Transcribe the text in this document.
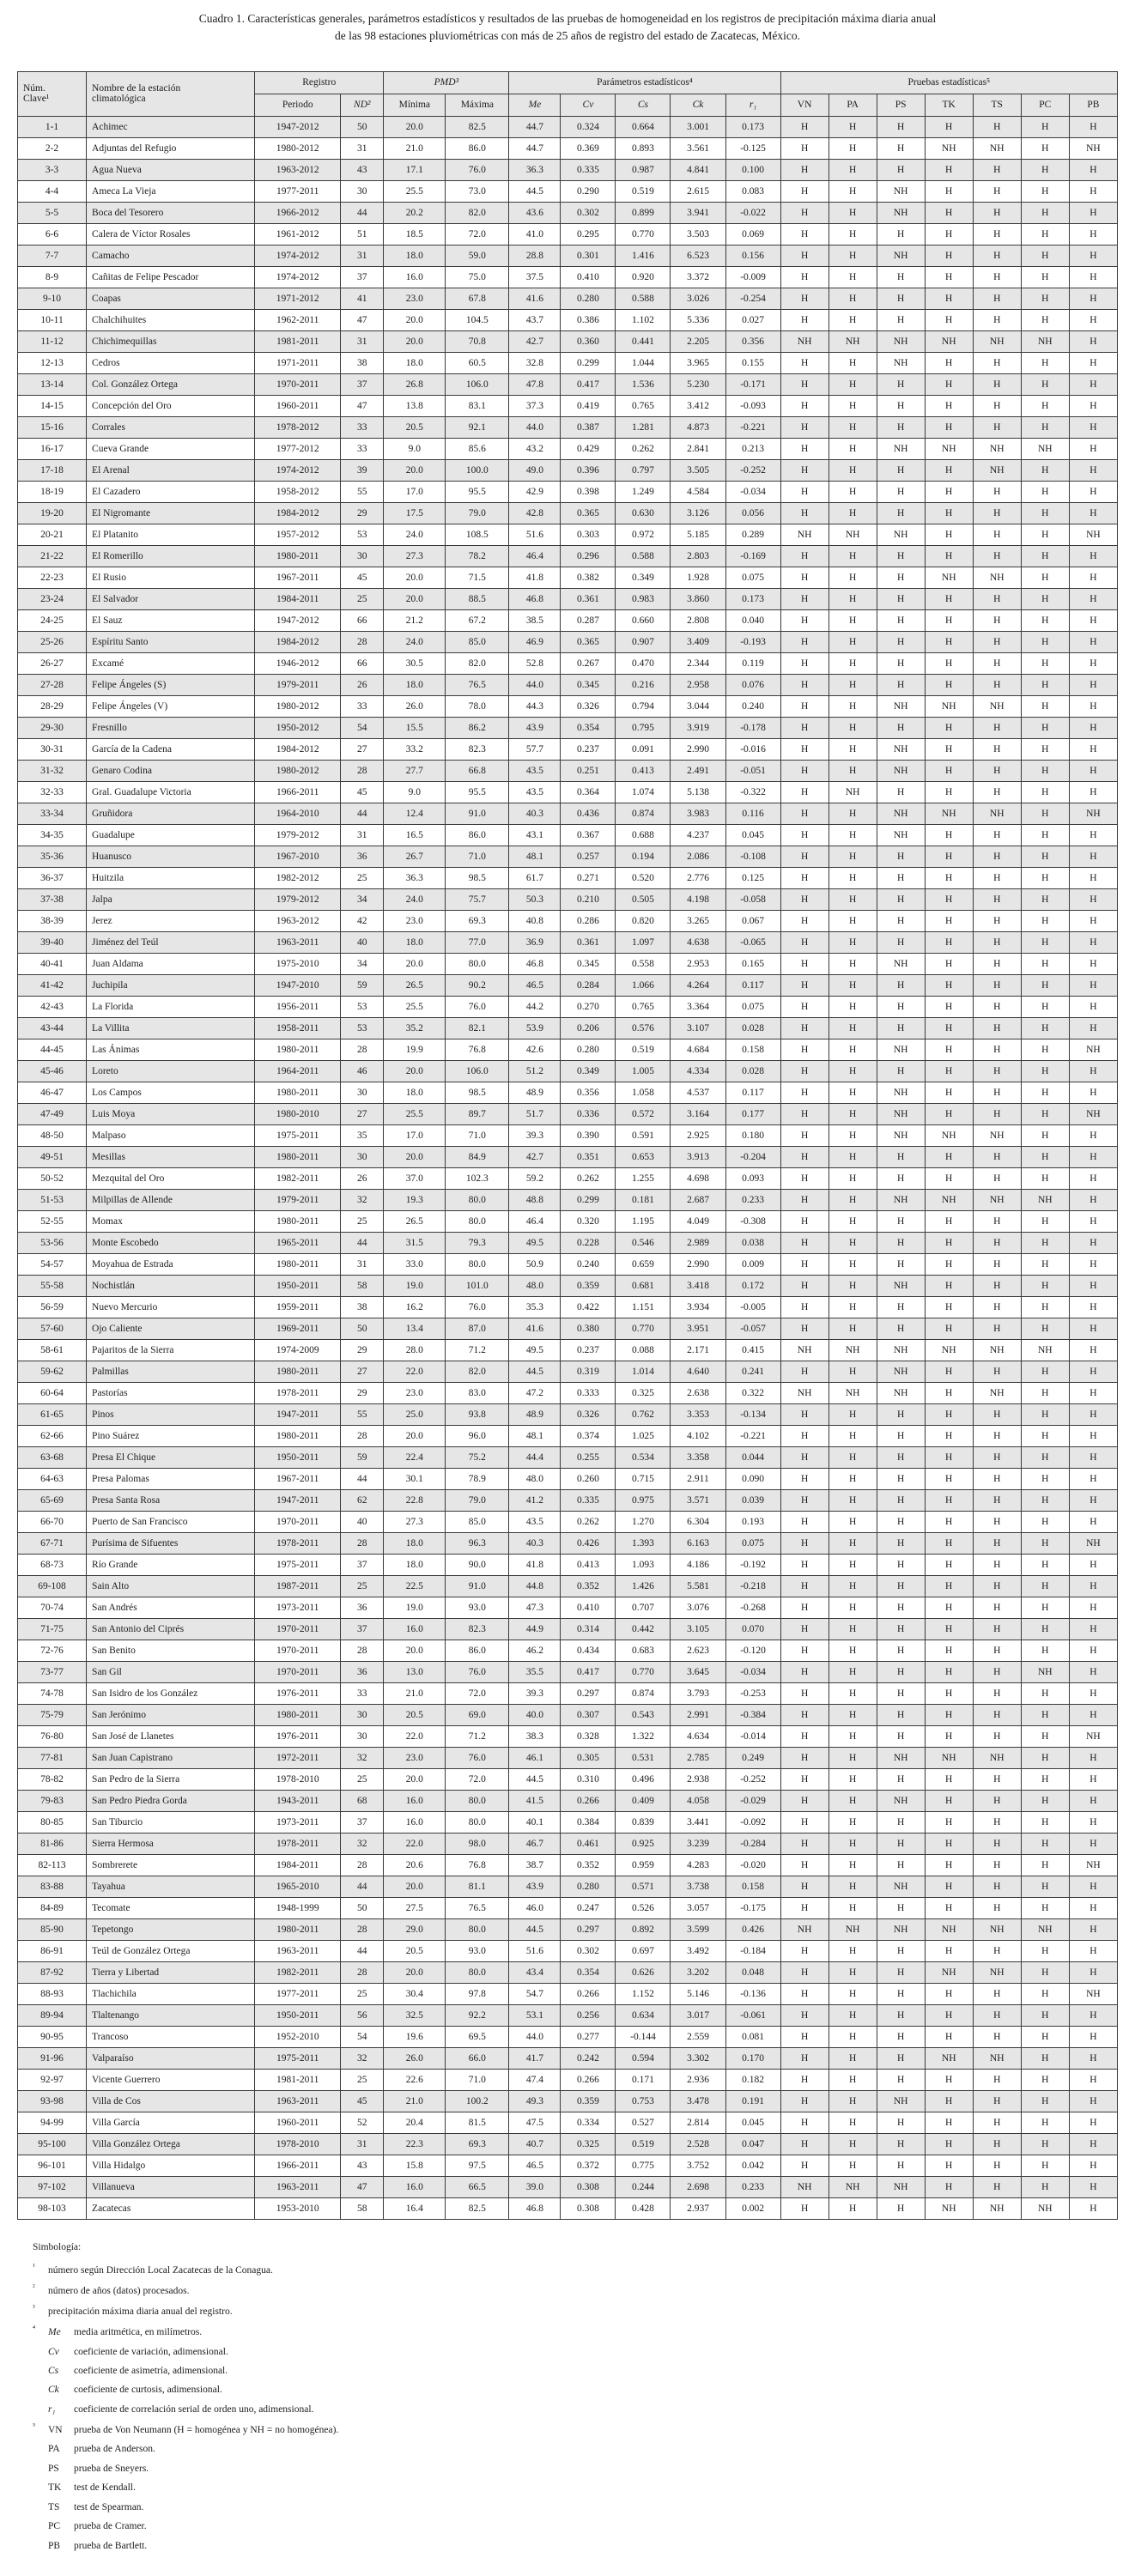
Cuadro 1. Características generales, parámetros estadísticos y resultados de las pruebas de homogeneidad en los registros de precipitación máxima diaria anual
de las 98 estaciones pluviométricas con más de 25 años de registro del estado de Zacatecas, México.
Núm.
Clave¹	Nombre de la estación
climatológica	Registro		PMD³		Parámetros estadísticos⁴					Pruebas estadísticas⁵						
		Periodo	ND²	Mínima	Máxima	Me	Cv	Cs	Ck	r₁	VN	PA	PS	TK	TS	PC	PB
1-1	Achimec	1947-2012	50	20.0	82.5	44.7	0.324	0.664	3.001	0.173	H	H	H	H	H	H	H
2-2	Adjuntas del Refugio	1980-2012	31	21.0	86.0	44.7	0.369	0.893	3.561	-0.125	H	H	H	NH	NH	H	NH
3-3	Agua Nueva	1963-2012	43	17.1	76.0	36.3	0.335	0.987	4.841	0.100	H	H	H	H	H	H	H
4-4	Ameca La Vieja	1977-2011	30	25.5	73.0	44.5	0.290	0.519	2.615	0.083	H	H	NH	H	H	H	H
5-5	Boca del Tesorero	1966-2012	44	20.2	82.0	43.6	0.302	0.899	3.941	-0.022	H	H	NH	H	H	H	H
6-6	Calera de Víctor Rosales	1961-2012	51	18.5	72.0	41.0	0.295	0.770	3.503	0.069	H	H	H	H	H	H	H
7-7	Camacho	1974-2012	31	18.0	59.0	28.8	0.301	1.416	6.523	0.156	H	H	NH	H	H	H	H
8-9	Cañitas de Felipe Pescador	1974-2012	37	16.0	75.0	37.5	0.410	0.920	3.372	-0.009	H	H	H	H	H	H	H
9-10	Coapas	1971-2012	41	23.0	67.8	41.6	0.280	0.588	3.026	-0.254	H	H	H	H	H	H	H
10-11	Chalchihuites	1962-2011	47	20.0	104.5	43.7	0.386	1.102	5.336	0.027	H	H	H	H	H	H	H
11-12	Chichimequillas	1981-2011	31	20.0	70.8	42.7	0.360	0.441	2.205	0.356	NH	NH	NH	NH	NH	NH	H
12-13	Cedros	1971-2011	38	18.0	60.5	32.8	0.299	1.044	3.965	0.155	H	H	NH	H	H	H	H
13-14	Col. González Ortega	1970-2011	37	26.8	106.0	47.8	0.417	1.536	5.230	-0.171	H	H	H	H	H	H	H
14-15	Concepción del Oro	1960-2011	47	13.8	83.1	37.3	0.419	0.765	3.412	-0.093	H	H	H	H	H	H	H
15-16	Corrales	1978-2012	33	20.5	92.1	44.0	0.387	1.281	4.873	-0.221	H	H	H	H	H	H	H
16-17	Cueva Grande	1977-2012	33	9.0	85.6	43.2	0.429	0.262	2.841	0.213	H	H	NH	NH	NH	NH	H
17-18	El Arenal	1974-2012	39	20.0	100.0	49.0	0.396	0.797	3.505	-0.252	H	H	H	H	NH	H	H
18-19	El Cazadero	1958-2012	55	17.0	95.5	42.9	0.398	1.249	4.584	-0.034	H	H	H	H	H	H	H
19-20	El Nigromante	1984-2012	29	17.5	79.0	42.8	0.365	0.630	3.126	0.056	H	H	H	H	H	H	H
20-21	El Platanito	1957-2012	53	24.0	108.5	51.6	0.303	0.972	5.185	0.289	NH	NH	NH	H	H	H	NH
21-22	El Romerillo	1980-2011	30	27.3	78.2	46.4	0.296	0.588	2.803	-0.169	H	H	H	H	H	H	H
22-23	El Rusio	1967-2011	45	20.0	71.5	41.8	0.382	0.349	1.928	0.075	H	H	H	NH	NH	H	H
23-24	El Salvador	1984-2011	25	20.0	88.5	46.8	0.361	0.983	3.860	0.173	H	H	H	H	H	H	H
24-25	El Sauz	1947-2012	66	21.2	67.2	38.5	0.287	0.660	2.808	0.040	H	H	H	H	H	H	H
25-26	Espíritu Santo	1984-2012	28	24.0	85.0	46.9	0.365	0.907	3.409	-0.193	H	H	H	H	H	H	H
26-27	Excamé	1946-2012	66	30.5	82.0	52.8	0.267	0.470	2.344	0.119	H	H	H	H	H	H	H
27-28	Felipe Ángeles (S)	1979-2011	26	18.0	76.5	44.0	0.345	0.216	2.958	0.076	H	H	H	H	H	H	H
28-29	Felipe Ángeles (V)	1980-2012	33	26.0	78.0	44.3	0.326	0.794	3.044	0.240	H	H	NH	NH	NH	H	H
29-30	Fresnillo	1950-2012	54	15.5	86.2	43.9	0.354	0.795	3.919	-0.178	H	H	H	H	H	H	H
30-31	García de la Cadena	1984-2012	27	33.2	82.3	57.7	0.237	0.091	2.990	-0.016	H	H	NH	H	H	H	H
31-32	Genaro Codina	1980-2012	28	27.7	66.8	43.5	0.251	0.413	2.491	-0.051	H	H	NH	H	H	H	H
32-33	Gral. Guadalupe Victoria	1966-2011	45	9.0	95.5	43.5	0.364	1.074	5.138	-0.322	H	NH	H	H	H	H	H
33-34	Gruñidora	1964-2010	44	12.4	91.0	40.3	0.436	0.874	3.983	0.116	H	H	NH	NH	NH	H	NH
34-35	Guadalupe	1979-2012	31	16.5	86.0	43.1	0.367	0.688	4.237	0.045	H	H	NH	H	H	H	H
35-36	Huanusco	1967-2010	36	26.7	71.0	48.1	0.257	0.194	2.086	-0.108	H	H	H	H	H	H	H
36-37	Huitzila	1982-2012	25	36.3	98.5	61.7	0.271	0.520	2.776	0.125	H	H	H	H	H	H	H
37-38	Jalpa	1979-2012	34	24.0	75.7	50.3	0.210	0.505	4.198	-0.058	H	H	H	H	H	H	H
38-39	Jerez	1963-2012	42	23.0	69.3	40.8	0.286	0.820	3.265	0.067	H	H	H	H	H	H	H
39-40	Jiménez del Teúl	1963-2011	40	18.0	77.0	36.9	0.361	1.097	4.638	-0.065	H	H	H	H	H	H	H
40-41	Juan Aldama	1975-2010	34	20.0	80.0	46.8	0.345	0.558	2.953	0.165	H	H	NH	H	H	H	H
41-42	Juchipila	1947-2010	59	26.5	90.2	46.5	0.284	1.066	4.264	0.117	H	H	H	H	H	H	H
42-43	La Florida	1956-2011	53	25.5	76.0	44.2	0.270	0.765	3.364	0.075	H	H	H	H	H	H	H
43-44	La Villita	1958-2011	53	35.2	82.1	53.9	0.206	0.576	3.107	0.028	H	H	H	H	H	H	H
44-45	Las Ánimas	1980-2011	28	19.9	76.8	42.6	0.280	0.519	4.684	0.158	H	H	NH	H	H	H	NH
45-46	Loreto	1964-2011	46	20.0	106.0	51.2	0.349	1.005	4.334	0.028	H	H	H	H	H	H	H
46-47	Los Campos	1980-2011	30	18.0	98.5	48.9	0.356	1.058	4.537	0.117	H	H	NH	H	H	H	H
47-49	Luis Moya	1980-2010	27	25.5	89.7	51.7	0.336	0.572	3.164	0.177	H	H	NH	H	H	H	NH
48-50	Malpaso	1975-2011	35	17.0	71.0	39.3	0.390	0.591	2.925	0.180	H	H	NH	NH	NH	H	H
49-51	Mesillas	1980-2011	30	20.0	84.9	42.7	0.351	0.653	3.913	-0.204	H	H	H	H	H	H	H
50-52	Mezquital del Oro	1982-2011	26	37.0	102.3	59.2	0.262	1.255	4.698	0.093	H	H	H	H	H	H	H
51-53	Milpillas de Allende	1979-2011	32	19.3	80.0	48.8	0.299	0.181	2.687	0.233	H	H	NH	NH	NH	NH	H
52-55	Momax	1980-2011	25	26.5	80.0	46.4	0.320	1.195	4.049	-0.308	H	H	H	H	H	H	H
53-56	Monte Escobedo	1965-2011	44	31.5	79.3	49.5	0.228	0.546	2.989	0.038	H	H	H	H	H	H	H
54-57	Moyahua de Estrada	1980-2011	31	33.0	80.0	50.9	0.240	0.659	2.990	0.009	H	H	H	H	H	H	H
55-58	Nochistlán	1950-2011	58	19.0	101.0	48.0	0.359	0.681	3.418	0.172	H	H	NH	H	H	H	H
56-59	Nuevo Mercurio	1959-2011	38	16.2	76.0	35.3	0.422	1.151	3.934	-0.005	H	H	H	H	H	H	H
57-60	Ojo Caliente	1969-2011	50	13.4	87.0	41.6	0.380	0.770	3.951	-0.057	H	H	H	H	H	H	H
58-61	Pajaritos de la Sierra	1974-2009	29	28.0	71.2	49.5	0.237	0.088	2.171	0.415	NH	NH	NH	NH	NH	NH	H
59-62	Palmillas	1980-2011	27	22.0	82.0	44.5	0.319	1.014	4.640	0.241	H	H	NH	H	H	H	H
60-64	Pastorías	1978-2011	29	23.0	83.0	47.2	0.333	0.325	2.638	0.322	NH	NH	NH	H	NH	H	H
61-65	Pinos	1947-2011	55	25.0	93.8	48.9	0.326	0.762	3.353	-0.134	H	H	H	H	H	H	H
62-66	Pino Suárez	1980-2011	28	20.0	96.0	48.1	0.374	1.025	4.102	-0.221	H	H	H	H	H	H	H
63-68	Presa El Chique	1950-2011	59	22.4	75.2	44.4	0.255	0.534	3.358	0.044	H	H	H	H	H	H	H
64-63	Presa Palomas	1967-2011	44	30.1	78.9	48.0	0.260	0.715	2.911	0.090	H	H	H	H	H	H	H
65-69	Presa Santa Rosa	1947-2011	62	22.8	79.0	41.2	0.335	0.975	3.571	0.039	H	H	H	H	H	H	H
66-70	Puerto de San Francisco	1970-2011	40	27.3	85.0	43.5	0.262	1.270	6.304	0.193	H	H	H	H	H	H	H
67-71	Purísima de Sifuentes	1978-2011	28	18.0	96.3	40.3	0.426	1.393	6.163	0.075	H	H	H	H	H	H	NH
68-73	Río Grande	1975-2011	37	18.0	90.0	41.8	0.413	1.093	4.186	-0.192	H	H	H	H	H	H	H
69-108	Sain Alto	1987-2011	25	22.5	91.0	44.8	0.352	1.426	5.581	-0.218	H	H	H	H	H	H	H
70-74	San Andrés	1973-2011	36	19.0	93.0	47.3	0.410	0.707	3.076	-0.268	H	H	H	H	H	H	H
71-75	San Antonio del Ciprés	1970-2011	37	16.0	82.3	44.9	0.314	0.442	3.105	0.070	H	H	H	H	H	H	H
72-76	San Benito	1970-2011	28	20.0	86.0	46.2	0.434	0.683	2.623	-0.120	H	H	H	H	H	H	H
73-77	San Gil	1970-2011	36	13.0	76.0	35.5	0.417	0.770	3.645	-0.034	H	H	H	H	H	NH	H
74-78	San Isidro de los González	1976-2011	33	21.0	72.0	39.3	0.297	0.874	3.793	-0.253	H	H	H	H	H	H	H
75-79	San Jerónimo	1980-2011	30	20.5	69.0	40.0	0.307	0.543	2.991	-0.384	H	H	H	H	H	H	H
76-80	San José de Llanetes	1976-2011	30	22.0	71.2	38.3	0.328	1.322	4.634	-0.014	H	H	H	H	H	H	NH
77-81	San Juan Capistrano	1972-2011	32	23.0	76.0	46.1	0.305	0.531	2.785	0.249	H	H	NH	NH	NH	H	H
78-82	San Pedro de la Sierra	1978-2010	25	20.0	72.0	44.5	0.310	0.496	2.938	-0.252	H	H	H	H	H	H	H
79-83	San Pedro Piedra Gorda	1943-2011	68	16.0	80.0	41.5	0.266	0.409	4.058	-0.029	H	H	NH	H	H	H	H
80-85	San Tiburcio	1973-2011	37	16.0	80.0	40.1	0.384	0.839	3.441	-0.092	H	H	H	H	H	H	H
81-86	Sierra Hermosa	1978-2011	32	22.0	98.0	46.7	0.461	0.925	3.239	-0.284	H	H	H	H	H	H	H
82-113	Sombrerete	1984-2011	28	20.6	76.8	38.7	0.352	0.959	4.283	-0.020	H	H	H	H	H	H	NH
83-88	Tayahua	1965-2010	44	20.0	81.1	43.9	0.280	0.571	3.738	0.158	H	H	NH	H	H	H	H
84-89	Tecomate	1948-1999	50	27.5	76.5	46.0	0.247	0.526	3.057	-0.175	H	H	H	H	H	H	H
85-90	Tepetongo	1980-2011	28	29.0	80.0	44.5	0.297	0.892	3.599	0.426	NH	NH	NH	NH	NH	NH	H
86-91	Teúl de González Ortega	1963-2011	44	20.5	93.0	51.6	0.302	0.697	3.492	-0.184	H	H	H	H	H	H	H
87-92	Tierra y Libertad	1982-2011	28	20.0	80.0	43.4	0.354	0.626	3.202	0.048	H	H	H	NH	NH	H	H
88-93	Tlachichila	1977-2011	25	30.4	97.8	54.7	0.266	1.152	5.146	-0.136	H	H	H	H	H	H	NH
89-94	Tlaltenango	1950-2011	56	32.5	92.2	53.1	0.256	0.634	3.017	-0.061	H	H	H	H	H	H	H
90-95	Trancoso	1952-2010	54	19.6	69.5	44.0	0.277	-0.144	2.559	0.081	H	H	H	H	H	H	H
91-96	Valparaíso	1975-2011	32	26.0	66.0	41.7	0.242	0.594	3.302	0.170	H	H	H	NH	NH	H	H
92-97	Vicente Guerrero	1981-2011	25	22.6	71.0	47.4	0.266	0.171	2.936	0.182	H	H	H	H	H	H	H
93-98	Villa de Cos	1963-2011	45	21.0	100.2	49.3	0.359	0.753	3.478	0.191	H	H	NH	H	H	H	H
94-99	Villa García	1960-2011	52	20.4	81.5	47.5	0.334	0.527	2.814	0.045	H	H	H	H	H	H	H
95-100	Villa González Ortega	1978-2010	31	22.3	69.3	40.7	0.325	0.519	2.528	0.047	H	H	H	H	H	H	H
96-101	Villa Hidalgo	1966-2011	43	15.8	97.5	46.5	0.372	0.775	3.752	0.042	H	H	H	H	H	H	H
97-102	Villanueva	1963-2011	47	16.0	66.5	39.0	0.308	0.244	2.698	0.233	NH	NH	NH	H	H	H	H
98-103	Zacatecas	1953-2010	58	16.4	82.5	46.8	0.308	0.428	2.937	0.002	H	H	H	NH	NH	NH	H
Simbología:
¹ número según Dirección Local Zacatecas de la Conagua.
² número de años (datos) procesados.
³ precipitación máxima diaria anual del registro.
⁴ Me media aritmética, en milímetros.
Cv coeficiente de variación, adimensional.
Cs coeficiente de asimetría, adimensional.
Ck coeficiente de curtosis, adimensional.
r₁ coeficiente de correlación serial de orden uno, adimensional.
⁵ VN prueba de Von Neumann (H = homogénea y NH = no homogénea).
PA prueba de Anderson.
PS prueba de Sneyers.
TK test de Kendall.
TS test de Spearman.
PC prueba de Cramer.
PB prueba de Bartlett.
